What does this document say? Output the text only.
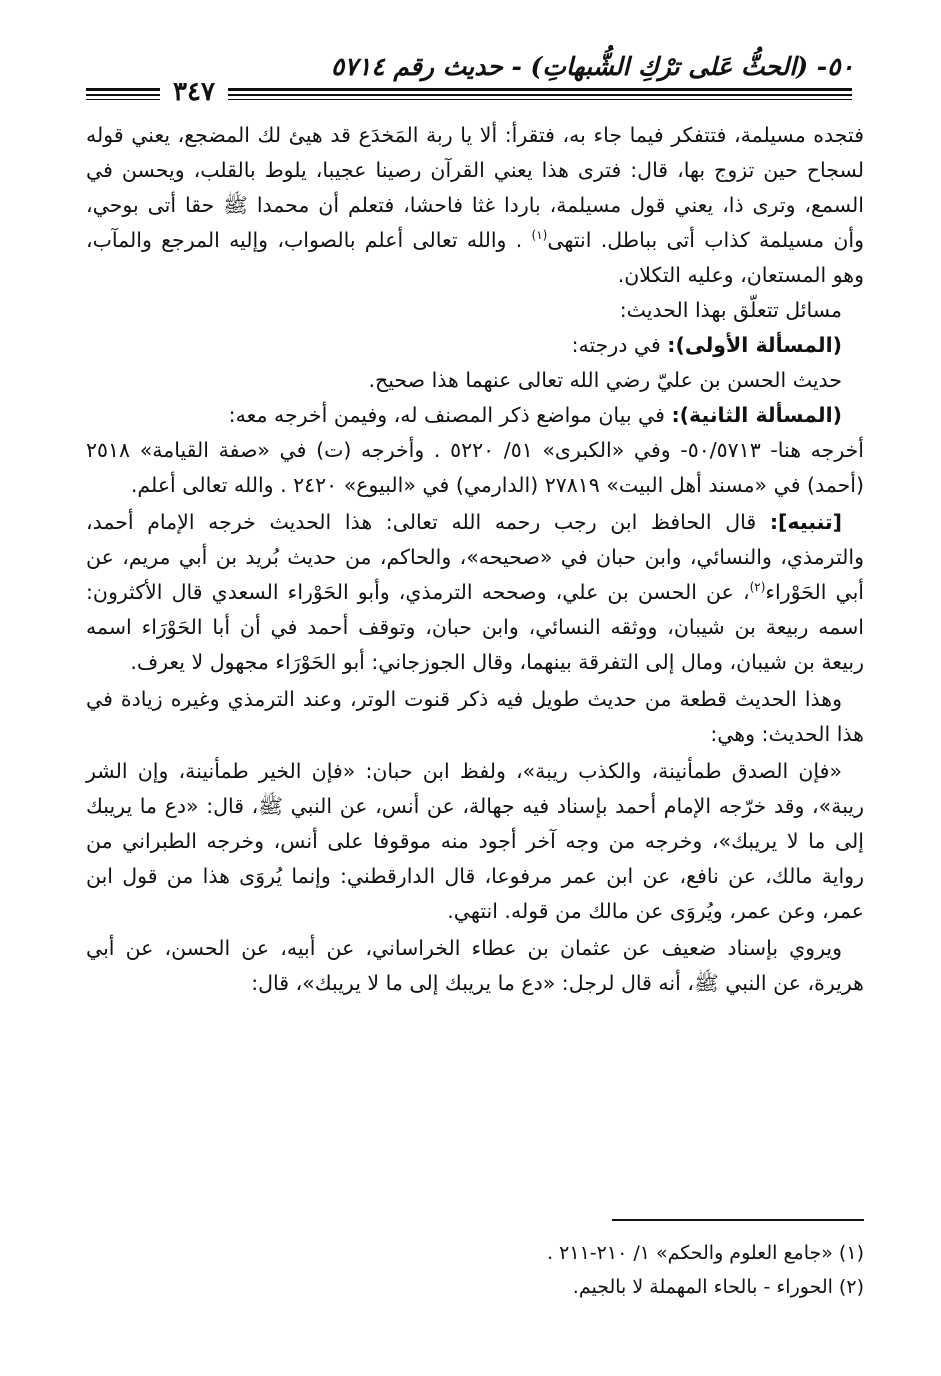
٥٠- (الحثُّ عَلى ترْكِ الشُّبهاتِ) - حديث رقم ٥٧١٤
٣٤٧

فتجده مسيلمة، فتتفكر فيما جاء به، فتقرأ: ألا يا ربة المَخدَع قد هيئ لك المضجع، يعني قوله لسجاح حين تزوج بها، قال: فترى هذا يعني القرآن رصينا عجيبا، يلوط بالقلب، ويحسن في السمع، وترى ذا، يعني قول مسيلمة، باردا غثا فاحشا، فتعلم أن محمدا ﷺ حقا أتى بوحي، وأن مسيلمة كذاب أتى بباطل. انتهى$^{(١)}$ . والله تعالى أعلم بالصواب، وإليه المرجع والمآب، وهو المستعان، وعليه التكلان.

مسائل تتعلّق بهذا الحديث:

(المسألة الأولى): في درجته:

حديث الحسن بن عليّ رضي الله تعالى عنهما هذا صحيح.

(المسألة الثانية): في بيان مواضع ذكر المصنف له، وفيمن أخرجه معه:

أخرجه هنا- ٥٠/٥٧١٣- وفي «الكبرى» ٥١/ ٥٢٢٠ . وأخرجه (ت) في «صفة القيامة» ٢٥١٨ (أحمد) في «مسند أهل البيت» ٢٧٨١٩ (الدارمي) في «البيوع» ٢٤٢٠ . والله تعالى أعلم.

[تنبيه]: قال الحافظ ابن رجب رحمه الله تعالى: هذا الحديث خرجه الإمام أحمد، والترمذي، والنسائي، وابن حبان في «صحيحه»، والحاكم، من حديث بُريد بن أبي مريم، عن أبي الحَوْراء$^{(٢)}$، عن الحسن بن علي، وصححه الترمذي، وأبو الحَوْراء السعدي قال الأكثرون: اسمه ربيعة بن شيبان، ووثقه النسائي، وابن حبان، وتوقف أحمد في أن أبا الحَوْرَاء اسمه ربيعة بن شيبان، ومال إلى التفرقة بينهما، وقال الجوزجاني: أبو الحَوْرَاء مجهول لا يعرف.

وهذا الحديث قطعة من حديث طويل فيه ذكر قنوت الوتر، وعند الترمذي وغيره زيادة في هذا الحديث: وهي:

«فإن الصدق طمأنينة، والكذب ريبة»، ولفظ ابن حبان: «فإن الخير طمأنينة، وإن الشر ريبة»، وقد خرّجه الإمام أحمد بإسناد فيه جهالة، عن أنس، عن النبي ﷺ، قال: «دع ما يريبك إلى ما لا يريبك»، وخرجه من وجه آخر أجود منه موقوفا على أنس، وخرجه الطبراني من رواية مالك، عن نافع، عن ابن عمر مرفوعا، قال الدارقطني: وإنما يُروَى هذا من قول ابن عمر، وعن عمر، ويُروَى عن مالك من قوله. انتهي.

ويروي بإسناد ضعيف عن عثمان بن عطاء الخراساني، عن أبيه، عن الحسن، عن أبي هريرة، عن النبي ﷺ، أنه قال لرجل: «دع ما يريبك إلى ما لا يريبك»، قال:

(١) «جامع العلوم والحكم» ١/ ٢١٠-٢١١ .

(٢) الحوراء - بالحاء المهملة لا بالجيم.
